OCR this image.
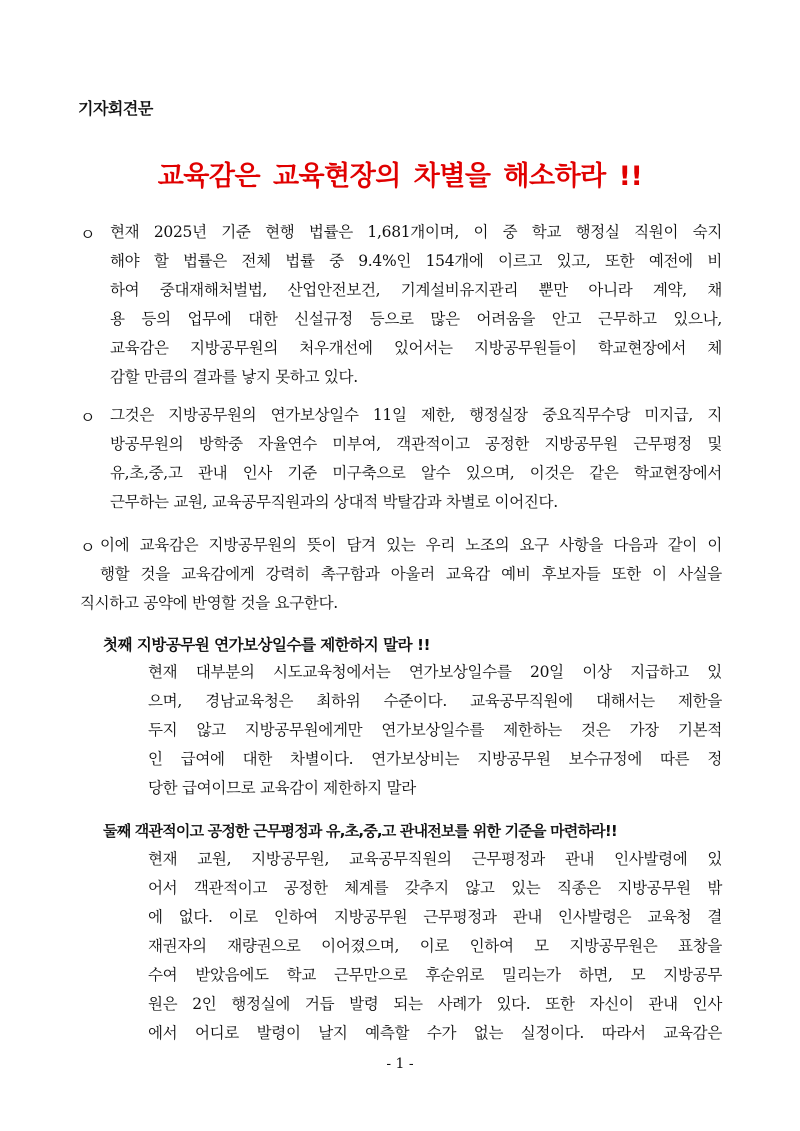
기자회견문
교육감은 교육현장의 차별을 해소하라 !!
ㅇ 현재 2025년 기준 현행 법률은 1,681개이며, 이 중 학교 행정실 직원이 숙지
해야 할 법률은 전체 법률 중 9.4%인 154개에 이르고 있고, 또한 예전에 비
하여 중대재해처벌법, 산업안전보건, 기계설비유지관리 뿐만 아니라 계약, 채
용 등의 업무에 대한 신설규정 등으로 많은 어려움을 안고 근무하고 있으나,
교육감은 지방공무원의 처우개선에 있어서는 지방공무원들이 학교현장에서 체
감할 만큼의 결과를 낳지 못하고 있다.
ㅇ 그것은 지방공무원의 연가보상일수 11일 제한, 행정실장 중요직무수당 미지급, 지
방공무원의 방학중 자율연수 미부여, 객관적이고 공정한 지방공무원 근무평정 및
유,초,중,고 관내 인사 기준 미구축으로 알수 있으며, 이것은 같은 학교현장에서
근무하는 교원, 교육공무직원과의 상대적 박탈감과 차별로 이어진다.
ㅇ 이에 교육감은 지방공무원의 뜻이 담겨 있는 우리 노조의 요구 사항을 다음과 같이 이
행할 것을 교육감에게 강력히 촉구함과 아울러 교육감 예비 후보자들 또한 이 사실을
직시하고 공약에 반영할 것을 요구한다.
첫째 지방공무원 연가보상일수를 제한하지 말라 !!
현재 대부분의 시도교육청에서는 연가보상일수를 20일 이상 지급하고 있
으며, 경남교육청은 최하위 수준이다. 교육공무직원에 대해서는 제한을
두지 않고 지방공무원에게만 연가보상일수를 제한하는 것은 가장 기본적
인 급여에 대한 차별이다. 연가보상비는 지방공무원 보수규정에 따른 정
당한 급여이므로 교육감이 제한하지 말라
둘째 객관적이고 공정한 근무평정과 유,초,중,고 관내전보를 위한 기준을 마련하라!!
현재 교원, 지방공무원, 교육공무직원의 근무평정과 관내 인사발령에 있
어서 객관적이고 공정한 체계를 갖추지 않고 있는 직종은 지방공무원 밖
에 없다. 이로 인하여 지방공무원 근무평정과 관내 인사발령은 교육청 결
재권자의 재량권으로 이어졌으며, 이로 인하여 모 지방공무원은 표창을
수여 받았음에도 학교 근무만으로 후순위로 밀리는가 하면, 모 지방공무
원은 2인 행정실에 거듭 발령 되는 사례가 있다. 또한 자신이 관내 인사
에서 어디로 발령이 날지 예측할 수가 없는 실정이다. 따라서 교육감은
- 1 -
